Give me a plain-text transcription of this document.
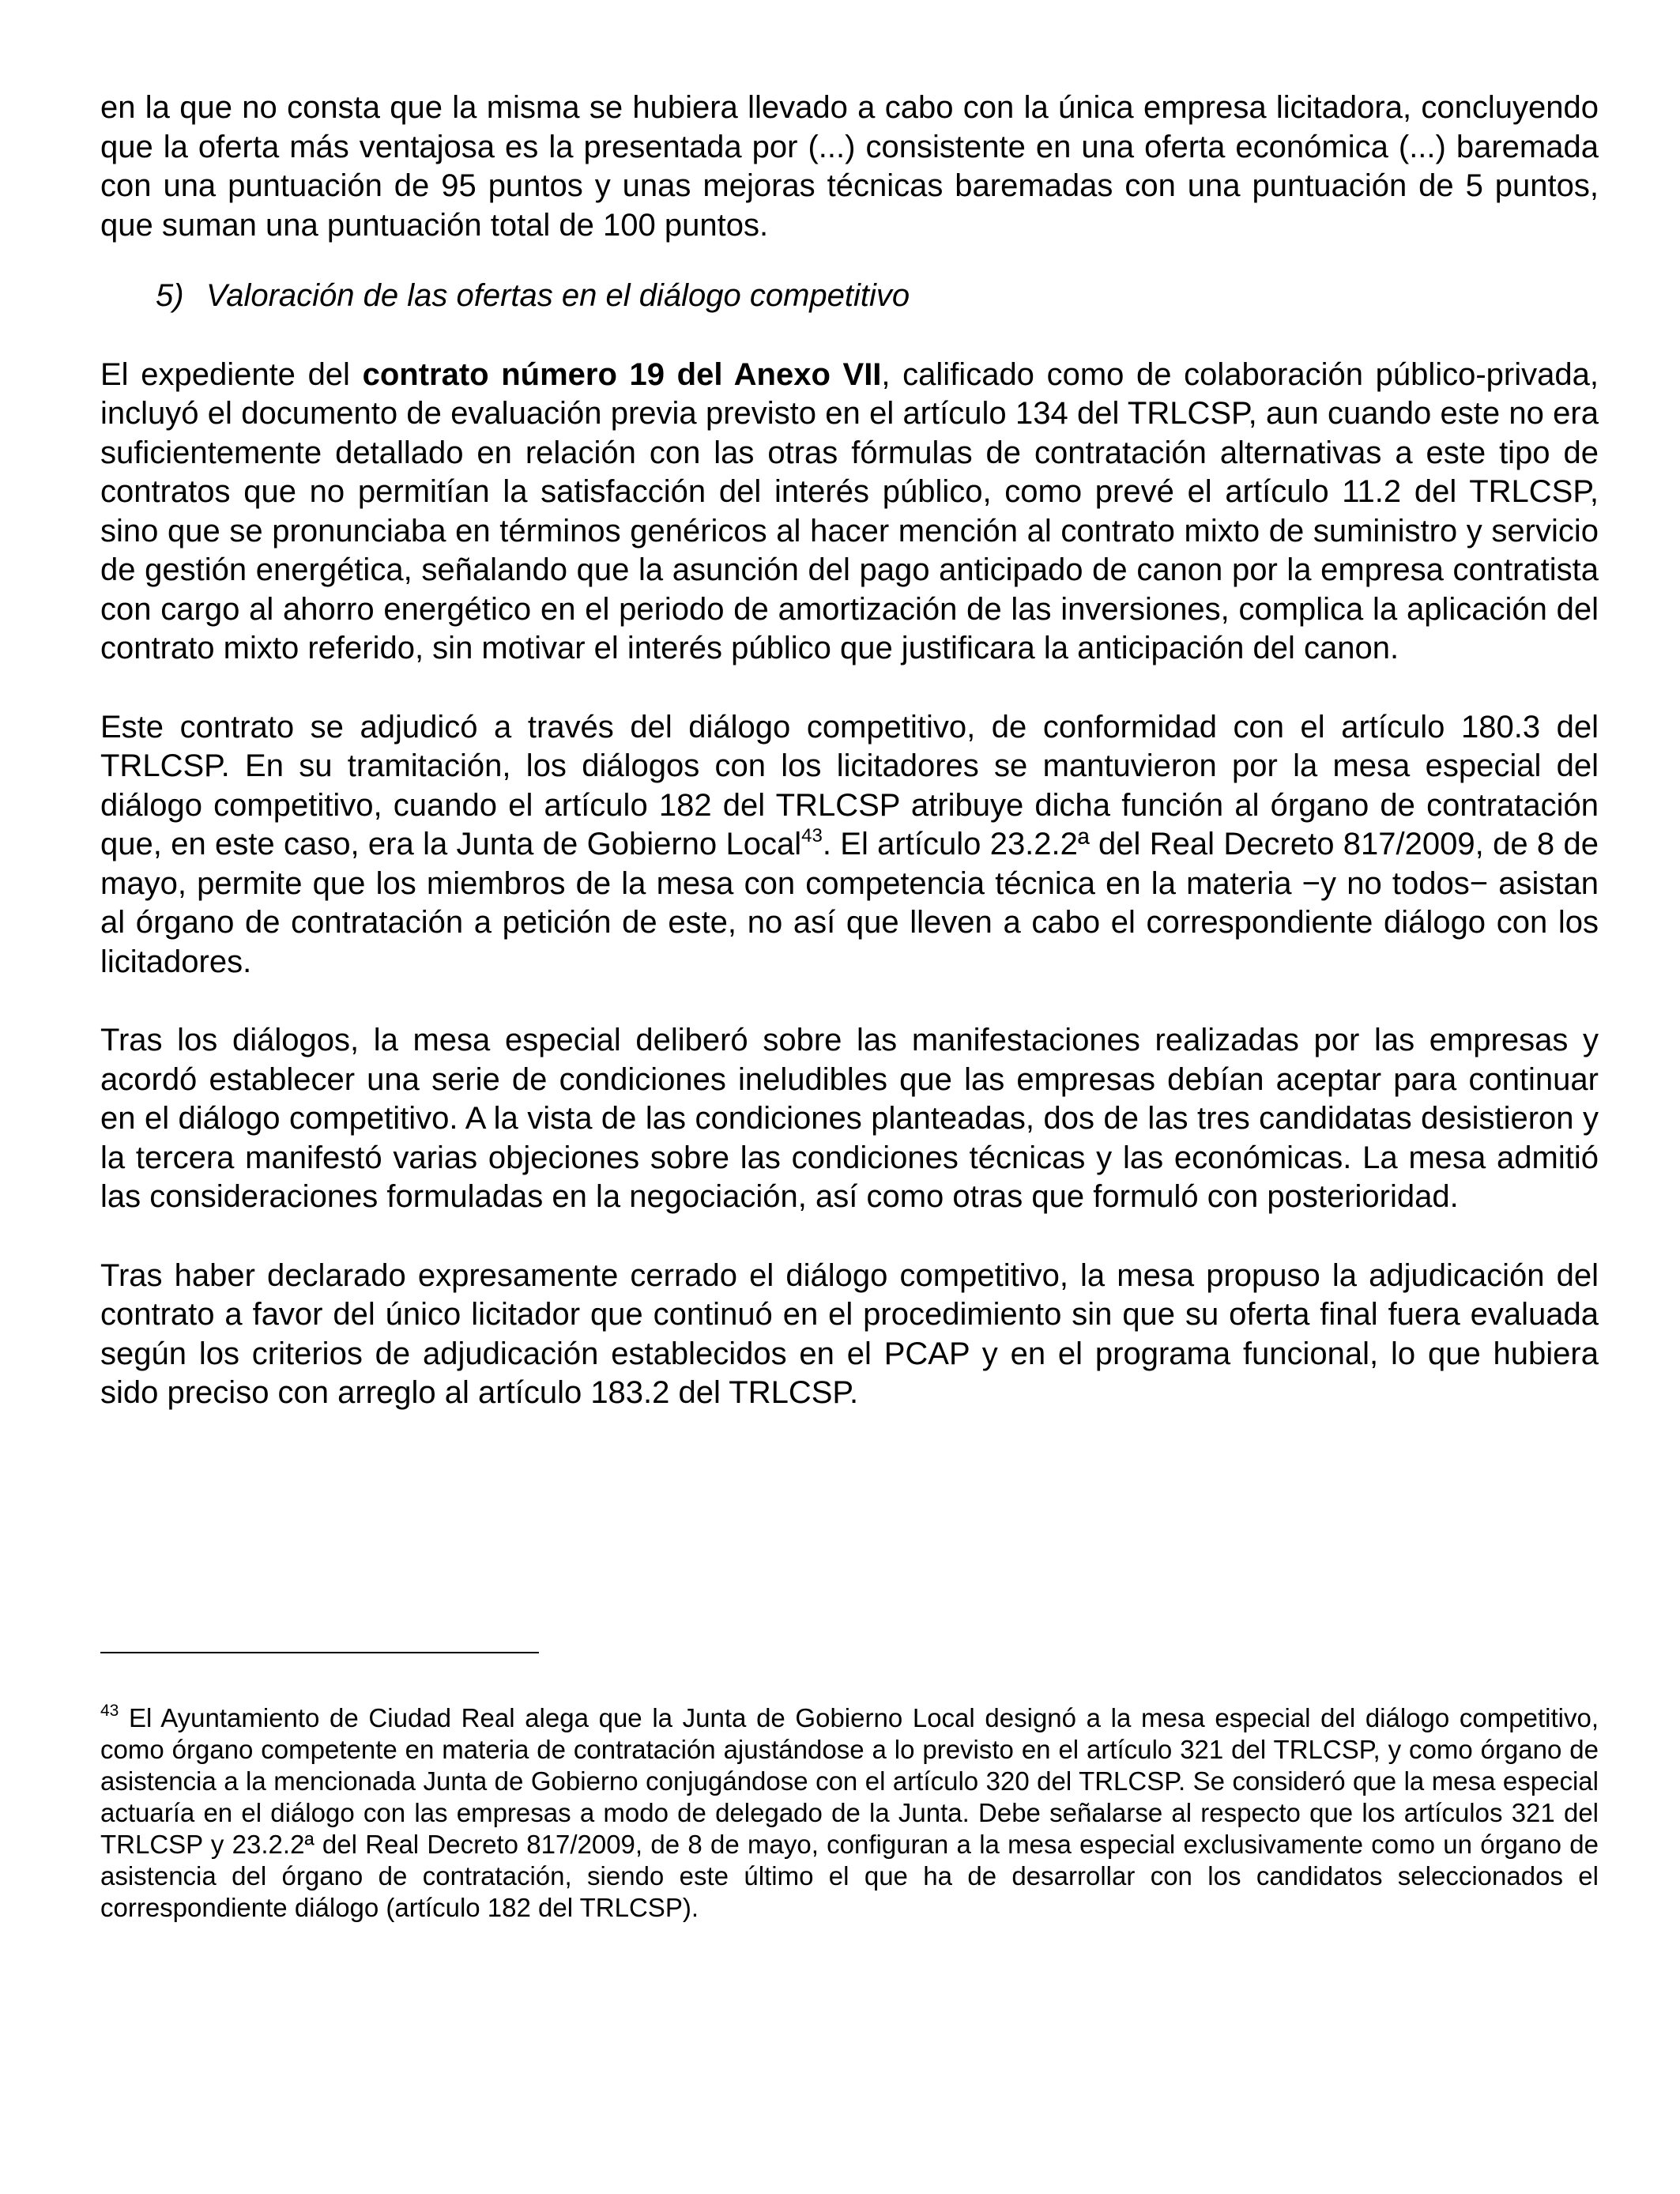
en la que no consta que la misma se hubiera llevado a cabo con la única empresa licitadora, concluyendo que la oferta más ventajosa es la presentada por (...) consistente en una oferta económica (...) baremada con una puntuación de 95 puntos y unas mejoras técnicas baremadas con una puntuación de 5 puntos, que suman una puntuación total de 100 puntos.

5) Valoración de las ofertas en el diálogo competitivo

El expediente del contrato número 19 del Anexo VII, calificado como de colaboración público-privada, incluyó el documento de evaluación previa previsto en el artículo 134 del TRLCSP, aun cuando este no era suficientemente detallado en relación con las otras fórmulas de contratación alternativas a este tipo de contratos que no permitían la satisfacción del interés público, como prevé el artículo 11.2 del TRLCSP, sino que se pronunciaba en términos genéricos al hacer mención al contrato mixto de suministro y servicio de gestión energética, señalando que la asunción del pago anticipado de canon por la empresa contratista con cargo al ahorro energético en el periodo de amortización de las inversiones, complica la aplicación del contrato mixto referido, sin motivar el interés público que justificara la anticipación del canon.

Este contrato se adjudicó a través del diálogo competitivo, de conformidad con el artículo 180.3 del TRLCSP. En su tramitación, los diálogos con los licitadores se mantuvieron por la mesa especial del diálogo competitivo, cuando el artículo 182 del TRLCSP atribuye dicha función al órgano de contratación que, en este caso, era la Junta de Gobierno Local$^{43}$. El artículo 23.2.2ª del Real Decreto 817/2009, de 8 de mayo, permite que los miembros de la mesa con competencia técnica en la materia −y no todos− asistan al órgano de contratación a petición de este, no así que lleven a cabo el correspondiente diálogo con los licitadores.

Tras los diálogos, la mesa especial deliberó sobre las manifestaciones realizadas por las empresas y acordó establecer una serie de condiciones ineludibles que las empresas debían aceptar para continuar en el diálogo competitivo. A la vista de las condiciones planteadas, dos de las tres candidatas desistieron y la tercera manifestó varias objeciones sobre las condiciones técnicas y las económicas. La mesa admitió las consideraciones formuladas en la negociación, así como otras que formuló con posterioridad.

Tras haber declarado expresamente cerrado el diálogo competitivo, la mesa propuso la adjudicación del contrato a favor del único licitador que continuó en el procedimiento sin que su oferta final fuera evaluada según los criterios de adjudicación establecidos en el PCAP y en el programa funcional, lo que hubiera sido preciso con arreglo al artículo 183.2 del TRLCSP.

$^{43}$ El Ayuntamiento de Ciudad Real alega que la Junta de Gobierno Local designó a la mesa especial del diálogo competitivo, como órgano competente en materia de contratación ajustándose a lo previsto en el artículo 321 del TRLCSP, y como órgano de asistencia a la mencionada Junta de Gobierno conjugándose con el artículo 320 del TRLCSP. Se consideró que la mesa especial actuaría en el diálogo con las empresas a modo de delegado de la Junta. Debe señalarse al respecto que los artículos 321 del TRLCSP y 23.2.2ª del Real Decreto 817/2009, de 8 de mayo, configuran a la mesa especial exclusivamente como un órgano de asistencia del órgano de contratación, siendo este último el que ha de desarrollar con los candidatos seleccionados el correspondiente diálogo (artículo 182 del TRLCSP).
